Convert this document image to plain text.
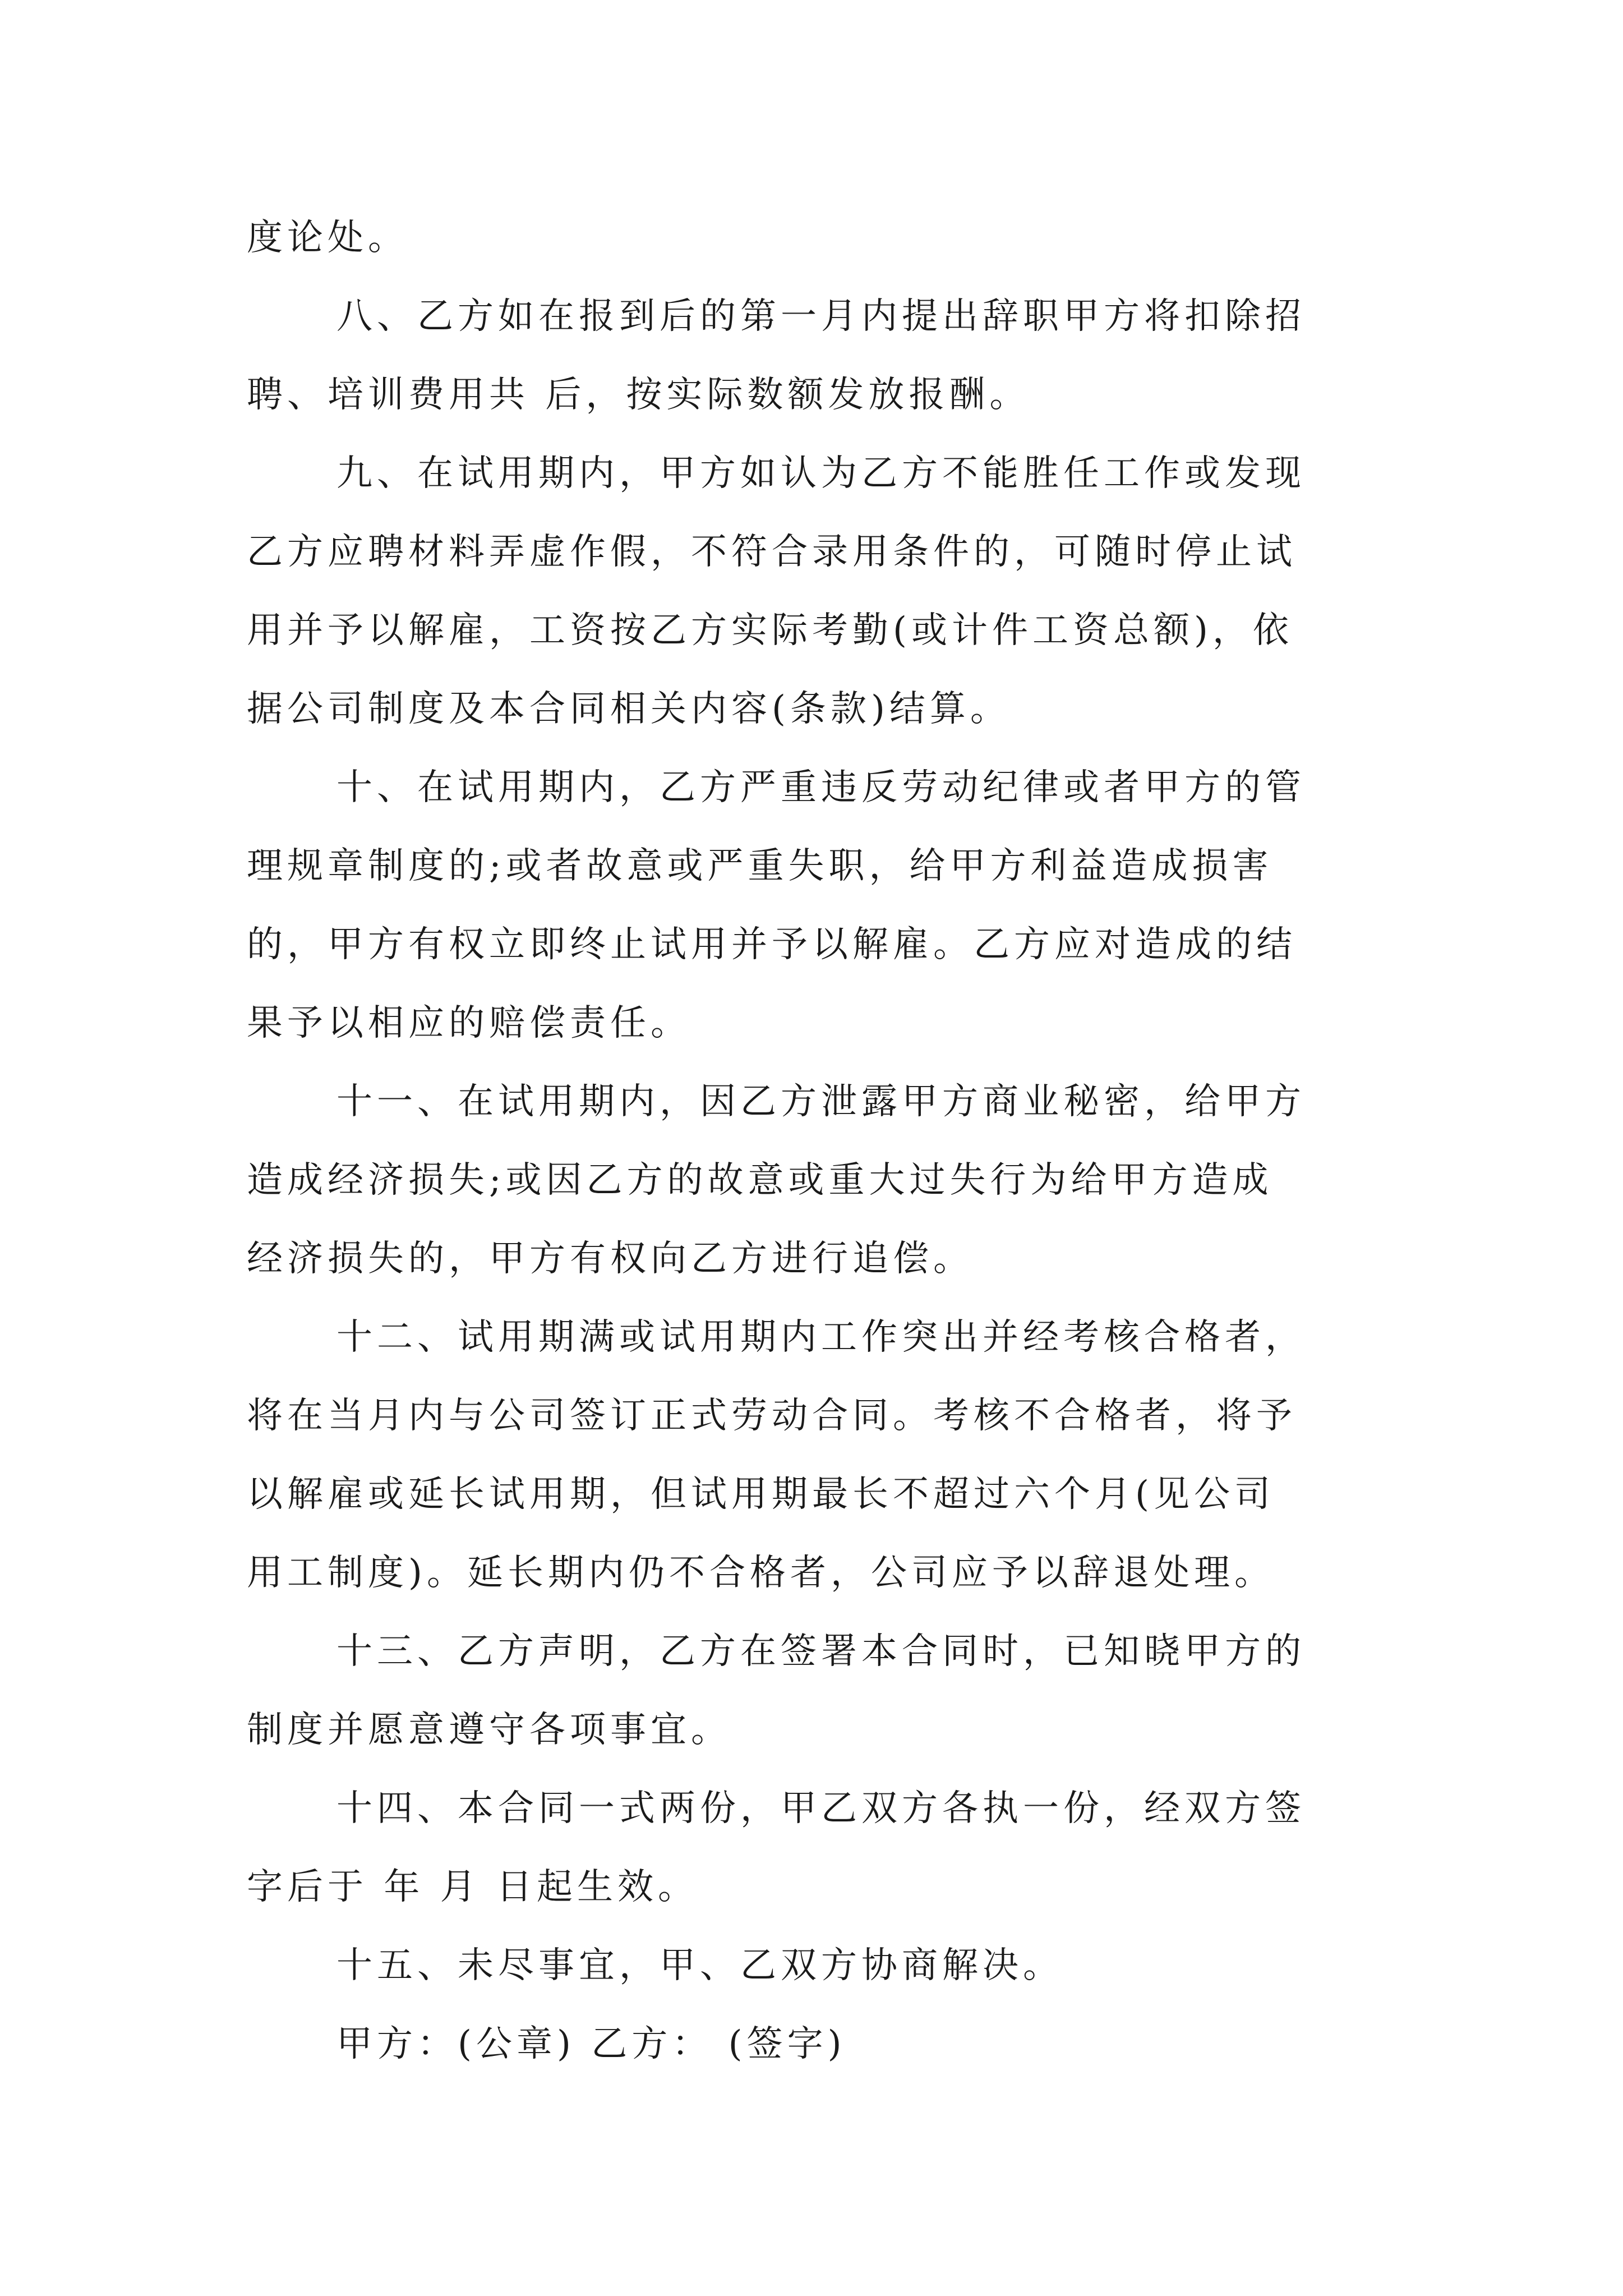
度论处。
八、乙方如在报到后的第一月内提出辞职甲方将扣除招
聘、培训费用共 后，按实际数额发放报酬。
九、在试用期内，甲方如认为乙方不能胜任工作或发现
乙方应聘材料弄虚作假，不符合录用条件的，可随时停止试
用并予以解雇，工资按乙方实际考勤(或计件工资总额)，依
据公司制度及本合同相关内容(条款)结算。
十、在试用期内，乙方严重违反劳动纪律或者甲方的管
理规章制度的;或者故意或严重失职，给甲方利益造成损害
的，甲方有权立即终止试用并予以解雇。乙方应对造成的结
果予以相应的赔偿责任。
十一、在试用期内，因乙方泄露甲方商业秘密，给甲方
造成经济损失;或因乙方的故意或重大过失行为给甲方造成
经济损失的，甲方有权向乙方进行追偿。
十二、试用期满或试用期内工作突出并经考核合格者，
将在当月内与公司签订正式劳动合同。考核不合格者，将予
以解雇或延长试用期，但试用期最长不超过六个月(见公司
用工制度)。延长期内仍不合格者，公司应予以辞退处理。
十三、乙方声明，乙方在签署本合同时，已知晓甲方的
制度并愿意遵守各项事宜。
十四、本合同一式两份，甲乙双方各执一份，经双方签
字后于 年 月 日起生效。
十五、未尽事宜，甲、乙双方协商解决。
甲方：(公章) 乙方： (签字)
